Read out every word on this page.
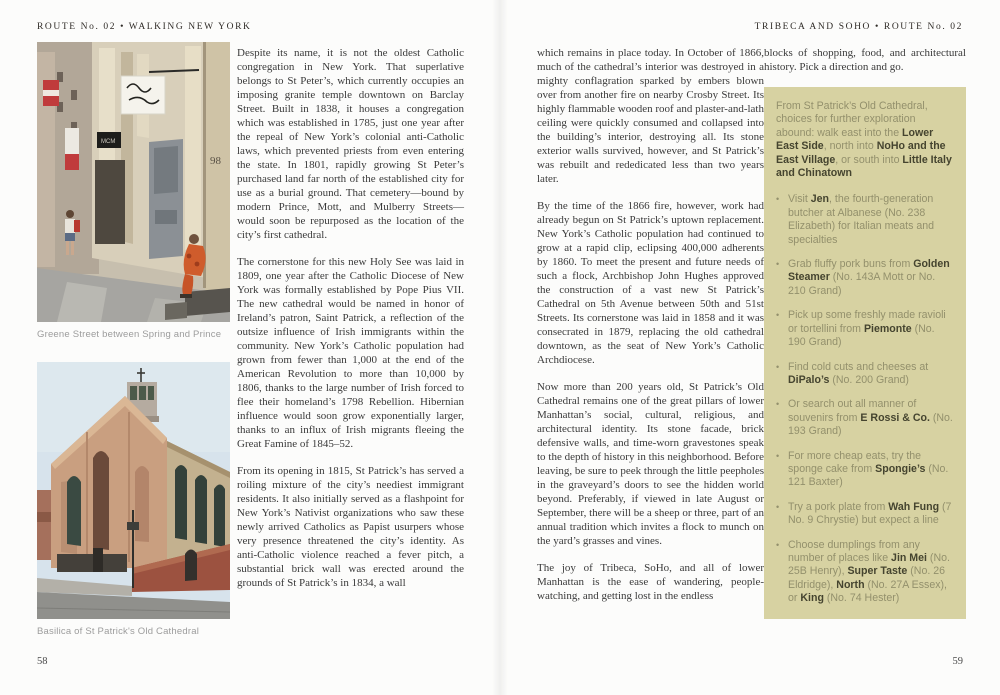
ROUTE No. 02 • WALKING NEW YORK	TRIBECA AND SOHO • ROUTE No. 02
98
MCM
Greene Street between Spring and Prince
Basilica of St Patrick's Old Cathedral

Despite its name, it is not the oldest Catholic congregation in New York. That superlative belongs to St Peter’s, which currently occupies an imposing granite temple downtown on Barclay Street. Built in 1838, it houses a congregation which was established in 1785, just one year after the repeal of New York’s colonial anti-Catholic laws, which prevented priests from even entering the state. In 1801, rapidly growing St Peter’s purchased land far north of the established city for use as a burial ground. That cemetery—bound by modern Prince, Mott, and Mulberry Streets—would soon be repurposed as the location of the city’s first cathedral.

The cornerstone for this new Holy See was laid in 1809, one year after the Catholic Diocese of New York was formally established by Pope Pius VII. The new cathedral would be named in honor of Ireland’s patron, Saint Patrick, a reflection of the outsize influence of Irish immigrants within the community. New York’s Catholic population had grown from fewer than 1,000 at the end of the American Revolution to more than 10,000 by 1806, thanks to the large number of Irish forced to flee their homeland’s 1798 Rebellion. Hibernian influence would soon grow exponentially larger, thanks to an influx of Irish migrants fleeing the Great Famine of 1845–52.

From its opening in 1815, St Patrick’s has served a roiling mixture of the city’s neediest immigrant residents. It also initially served as a flashpoint for New York’s Nativist organizations who saw these newly arrived Catholics as Papist usurpers whose very presence threatened the city’s identity. As anti-Catholic violence reached a fever pitch, a substantial brick wall was erected around the grounds of St Patrick’s in 1834, a wall

which remains in place today. In October of 1866, much of the cathedral’s interior was destroyed in a mighty conflagration sparked by embers blown over from another fire on nearby Crosby Street. Its highly flammable wooden roof and plaster-and-lath ceiling were quickly consumed and collapsed into the building’s interior, destroying all. Its stone exterior walls survived, however, and St Patrick’s was rebuilt and rededicated less than two years later.

By the time of the 1866 fire, however, work had already begun on St Patrick’s uptown replacement. New York’s Catholic population had continued to grow at a rapid clip, eclipsing 400,000 adherents by 1860. To meet the present and future needs of such a flock, Archbishop John Hughes approved the construction of a vast new St Patrick’s Cathedral on 5th Avenue between 50th and 51st Streets. Its cornerstone was laid in 1858 and it was consecrated in 1879, replacing the old cathedral downtown, as the seat of New York’s Catholic Archdiocese.

Now more than 200 years old, St Patrick’s Old Cathedral remains one of the great pillars of lower Manhattan’s social, cultural, religious, and architectural identity. Its stone facade, brick defensive walls, and time-worn gravestones speak to the depth of history in this neighborhood. Before leaving, be sure to peek through the little peepholes in the graveyard’s doors to see the hidden world beyond. Preferably, if viewed in late August or September, there will be a sheep or three, part of an annual tradition which invites a flock to munch on the yard’s grasses and vines.

The joy of Tribeca, SoHo, and all of lower Manhattan is the ease of wandering, people-watching, and getting lost in the endless

blocks of shopping, food, and architectural history. Pick a direction and go.

From St Patrick’s Old Cathedral, choices for further exploration abound: walk east into the Lower East Side, north into NoHo and the East Village, or south into Little Italy and Chinatown

• Visit Jen, the fourth-generation butcher at Albanese (No. 238 Elizabeth) for Italian meats and specialties
• Grab fluffy pork buns from Golden Steamer (No. 143A Mott or No. 210 Grand)
• Pick up some freshly made ravioli or tortellini from Piemonte (No. 190 Grand)
• Find cold cuts and cheeses at DiPalo’s (No. 200 Grand)
• Or search out all manner of souvenirs from E Rossi & Co. (No. 193 Grand)
• For more cheap eats, try the sponge cake from Spongie’s (No. 121 Baxter)
• Try a pork plate from Wah Fung (7 No. 9 Chrystie) but expect a line
• Choose dumplings from any number of places like Jin Mei (No. 25B Henry), Super Taste (No. 26 Eldridge), North (No. 27A Essex), or King (No. 74 Hester)
58	59
